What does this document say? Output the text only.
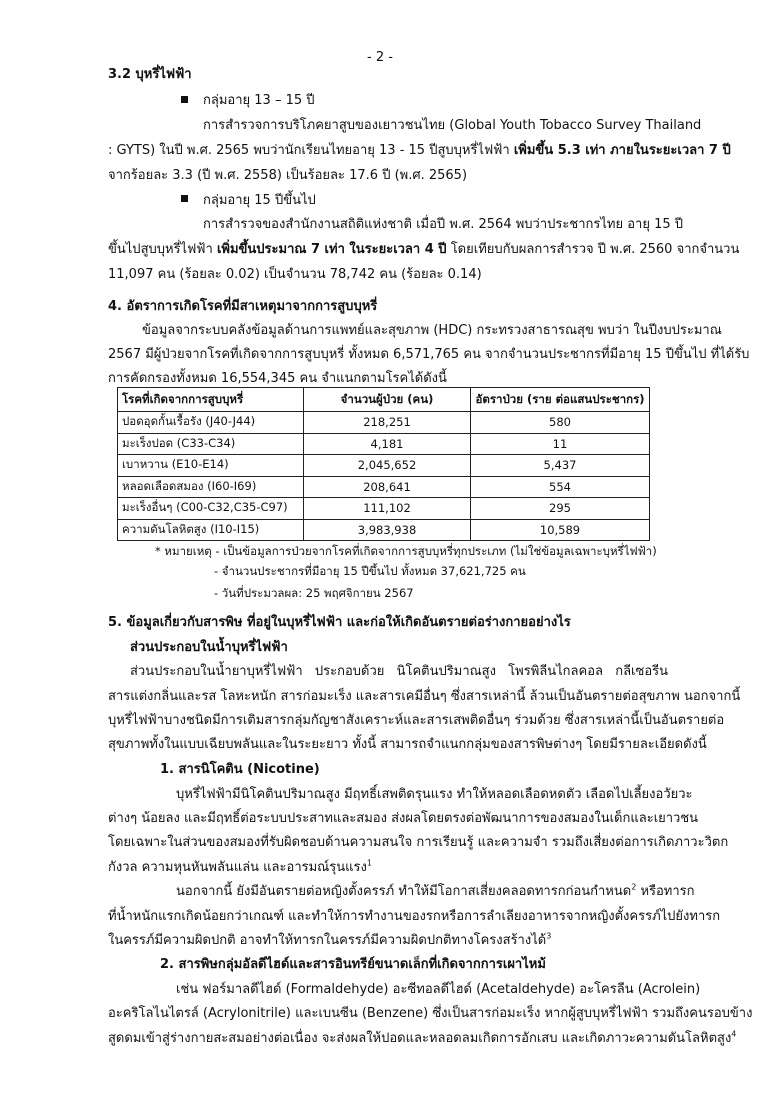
- 2 -
3.2 บุหรี่ไฟฟ้า
กลุ่มอายุ 13 – 15 ปี
การสำรวจการบริโภคยาสูบของเยาวชนไทย (Global Youth Tobacco Survey Thailand
: GYTS) ในปี พ.ศ. 2565 พบว่านักเรียนไทยอายุ 13 - 15 ปีสูบบุหรี่ไฟฟ้า เพิ่มขึ้น 5.3 เท่า ภายในระยะเวลา 7 ปี
จากร้อยละ 3.3 (ปี พ.ศ. 2558) เป็นร้อยละ 17.6 ปี (พ.ศ. 2565)
กลุ่มอายุ 15 ปีขึ้นไป
การสำรวจของสำนักงานสถิติแห่งชาติ เมื่อปี พ.ศ. 2564 พบว่าประชากรไทย อายุ 15 ปี
ขึ้นไปสูบบุหรี่ไฟฟ้า เพิ่มขึ้นประมาณ 7 เท่า ในระยะเวลา 4 ปี โดยเทียบกับผลการสำรวจ ปี พ.ศ. 2560 จากจำนวน
11,097 คน (ร้อยละ 0.02) เป็นจำนวน 78,742 คน (ร้อยละ 0.14)
4. อัตราการเกิดโรคที่มีสาเหตุมาจากการสูบบุหรี่
ข้อมูลจากระบบคลังข้อมูลด้านการแพทย์และสุขภาพ (HDC) กระทรวงสาธารณสุข พบว่า ในปีงบประมาณ
2567 มีผู้ป่วยจากโรคที่เกิดจากการสูบบุหรี่ ทั้งหมด 6,571,765 คน จากจำนวนประชากรที่มีอายุ 15 ปีขึ้นไป ที่ได้รับ
การคัดกรองทั้งหมด 16,554,345 คน จำแนกตามโรคได้ดังนี้
โรคที่เกิดจากการสูบบุหรี่	จำนวนผู้ป่วย (คน)	อัตราป่วย (ราย ต่อแสนประชากร)
ปอดอุดกั้นเรื้อรัง (J40-J44)	218,251	580
มะเร็งปอด (C33-C34)	4,181	11
เบาหวาน (E10-E14)	2,045,652	5,437
หลอดเลือดสมอง (I60-I69)	208,641	554
มะเร็งอื่นๆ (C00-C32,C35-C97)	111,102	295
ความดันโลหิตสูง (I10-I15)	3,983,938	10,589
* หมายเหตุ - เป็นข้อมูลการป่วยจากโรคที่เกิดจากการสูบบุหรี่ทุกประเภท (ไม่ใช่ข้อมูลเฉพาะบุหรี่ไฟฟ้า)
- จำนวนประชากรที่มีอายุ 15 ปีขึ้นไป ทั้งหมด 37,621,725 คน
- วันที่ประมวลผล: 25 พฤศจิกายน 2567
5. ข้อมูลเกี่ยวกับสารพิษ ที่อยู่ในบุหรี่ไฟฟ้า และก่อให้เกิดอันตรายต่อร่างกายอย่างไร
ส่วนประกอบในน้ำบุหรี่ไฟฟ้า
ส่วนประกอบในน้ำยาบุหรี่ไฟฟ้า ประกอบด้วย นิโคตินปริมาณสูง โพรพิลีนไกลคอล กลีเซอรีน
สารแต่งกลิ่นและรส โลหะหนัก สารก่อมะเร็ง และสารเคมีอื่นๆ ซึ่งสารเหล่านี้ ล้วนเป็นอันตรายต่อสุขภาพ นอกจากนี้
บุหรี่ไฟฟ้าบางชนิดมีการเติมสารกลุ่มกัญชาสังเคราะห์และสารเสพติดอื่นๆ ร่วมด้วย ซึ่งสารเหล่านี้เป็นอันตรายต่อ
สุขภาพทั้งในแบบเฉียบพลันและในระยะยาว ทั้งนี้ สามารถจำแนกกลุ่มของสารพิษต่างๆ โดยมีรายละเอียดดังนี้
1. สารนิโคติน (Nicotine)
บุหรี่ไฟฟ้ามีนิโคตินปริมาณสูง มีฤทธิ์เสพติดรุนแรง ทำให้หลอดเลือดหดตัว เลือดไปเลี้ยงอวัยวะ
ต่างๆ น้อยลง และมีฤทธิ์ต่อระบบประสาทและสมอง ส่งผลโดยตรงต่อพัฒนาการของสมองในเด็กและเยาวชน
โดยเฉพาะในส่วนของสมองที่รับผิดชอบด้านความสนใจ การเรียนรู้ และความจำ รวมถึงเสี่ยงต่อการเกิดภาวะวิตก
กังวล ความหุนหันพลันแล่น และอารมณ์รุนแรง$^1$
นอกจากนี้ ยังมีอันตรายต่อหญิงตั้งครรภ์ ทำให้มีโอกาสเสี่ยงคลอดทารกก่อนกำหนด$^2$ หรือทารก
ที่น้ำหนักแรกเกิดน้อยกว่าเกณฑ์ และทำให้การทำงานของรกหรือการลำเลียงอาหารจากหญิงตั้งครรภ์ไปยังทารก
ในครรภ์มีความผิดปกติ อาจทำให้ทารกในครรภ์มีความผิดปกติทางโครงสร้างได้$^3$
2. สารพิษกลุ่มอัลดีไฮด์และสารอินทรีย์ขนาดเล็กที่เกิดจากการเผาไหม้
เช่น ฟอร์มาลดีไฮด์ (Formaldehyde) อะซีทอลดีไฮด์ (Acetaldehyde) อะโครลีน (Acrolein)
อะคริโลไนไตรล์ (Acrylonitrile) และเบนซีน (Benzene) ซึ่งเป็นสารก่อมะเร็ง หากผู้สูบบุหรี่ไฟฟ้า รวมถึงคนรอบข้าง
สูดดมเข้าสู่ร่างกายสะสมอย่างต่อเนื่อง จะส่งผลให้ปอดและหลอดลมเกิดการอักเสบ และเกิดภาวะความดันโลหิตสูง$^4$
